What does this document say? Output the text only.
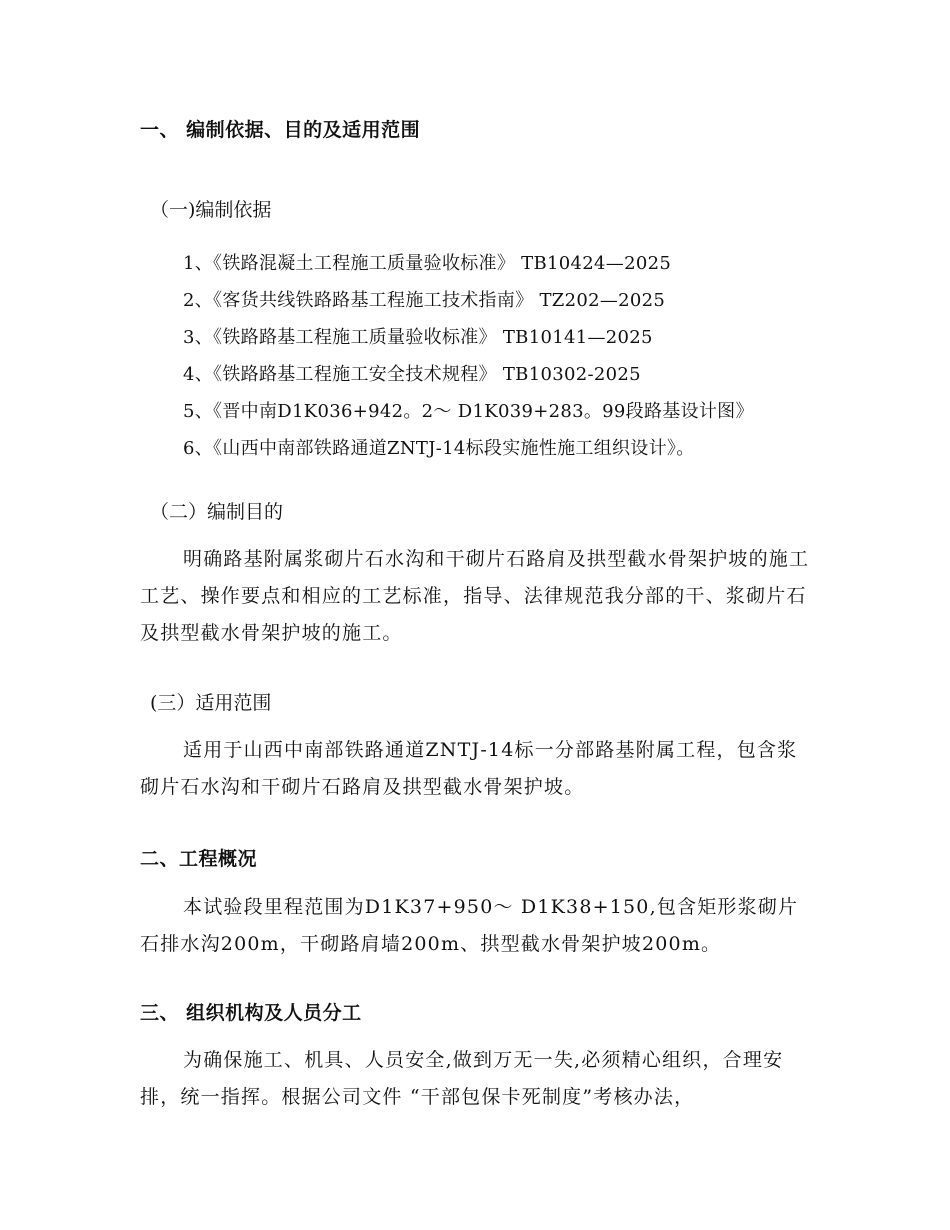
一、 编制依据、目的及适用范围
（一)编制依据
1、《铁路混凝土工程施工质量验收标准》 TB10424—2025
2、《客货共线铁路路基工程施工技术指南》 TZ202—2025
3、《铁路路基工程施工质量验收标准》 TB10141—2025
4、《铁路路基工程施工安全技术规程》 TB10302-2025
5、《晋中南D1K036+942。2～ D1K039+283。99段路基设计图》
6、《山西中南部铁路通道ZNTJ-14标段实施性施工组织设计》。
（二）编制目的

明确路基附属浆砌片石水沟和干砌片石路肩及拱型截水骨架护坡的施工工艺、操作要点和相应的工艺标准，指导、法律规范我分部的干、浆砌片石及拱型截水骨架护坡的施工。

(三）适用范围

适用于山西中南部铁路通道ZNTJ-14标一分部路基附属工程，包含浆砌片石水沟和干砌片石路肩及拱型截水骨架护坡。

二、工程概况

本试验段里程范围为D1K37+950～ D1K38+150,包含矩形浆砌片石排水沟200m，干砌路肩墙200m、拱型截水骨架护坡200m。

三、 组织机构及人员分工

为确保施工、机具、人员安全,做到万无一失,必须精心组织，合理安排，统一指挥。根据公司文件 “干部包保卡死制度”考核办法，
